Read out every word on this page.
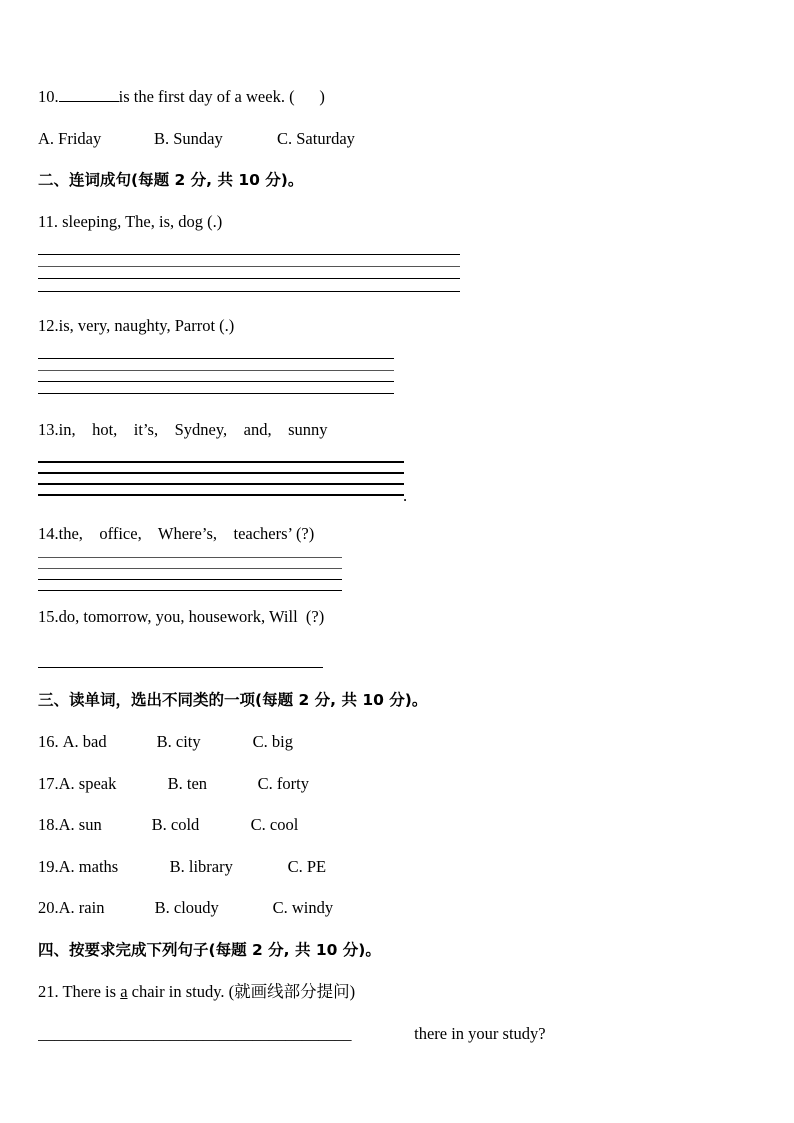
10.	is the first day of a week. (      )

A. Friday	B. Sunday	C. Saturday

二、连词成句(每题 2 分, 共 10 分)。

11. sleeping, The, is, dog (.)

12.is, very, naughty, Parrot (.)

13.in,    hot,    it’s,    Sydney,    and,    sunny

.

14.the,    office,    Where’s,    teachers’ (?)

15.do, tomorrow, you, housework, Will  (?)

三、读单词，选出不同类的一项(每题 2 分, 共 10 分)。

16. A. bad	B. city	C. big

17.A. speak	B. ten	C. forty

18.A. sun	B. cold	C. cool

19.A. maths	B. library	C. PE

20.A. rain	B. cloudy	C. windy

四、按要求完成下列句子(每题 2 分, 共 10 分)。

21. There is a chair in study. (就画线部分提问)

______________________________________	there in your study?
